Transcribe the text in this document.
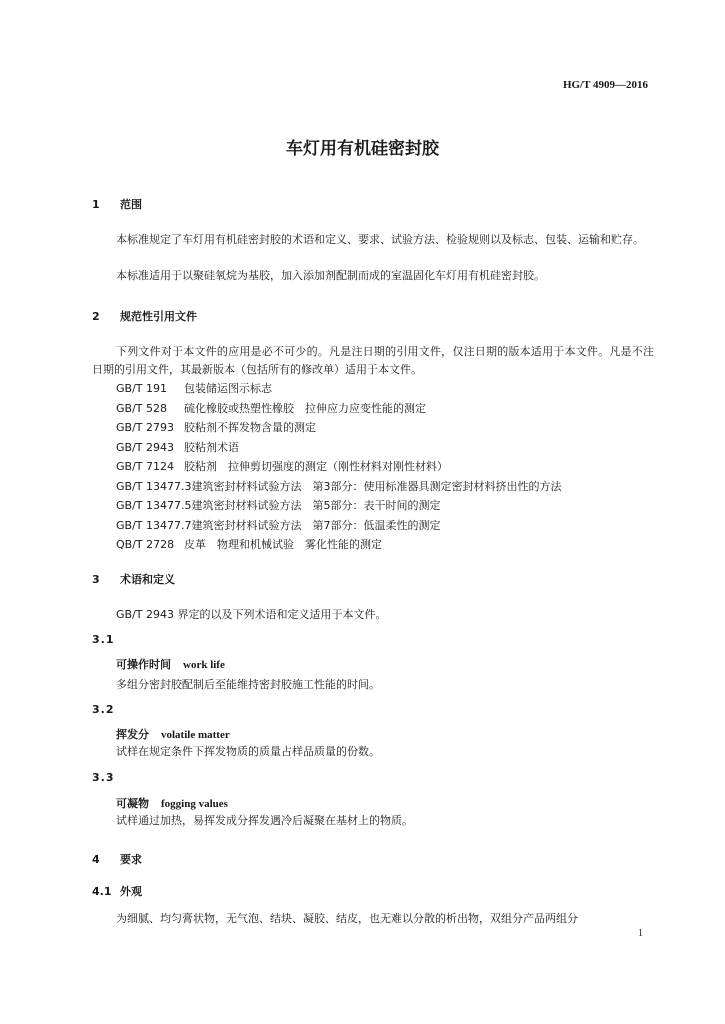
HG/T 4909—2016
车灯用有机硅密封胶
1 范围
本标准规定了车灯用有机硅密封胶的术语和定义、要求、试验方法、检验规则以及标志、包装、运输和贮存。
本标准适用于以聚硅氧烷为基胶，加入添加剂配制而成的室温固化车灯用有机硅密封胶。
2 规范性引用文件
下列文件对于本文件的应用是必不可少的。凡是注日期的引用文件，仅注日期的版本适用于本文件。凡是不注日期的引用文件，其最新版本（包括所有的修改单）适用于本文件。
GB/T 191 包装储运图示标志
GB/T 528 硫化橡胶或热塑性橡胶　拉伸应力应变性能的测定
GB/T 2793 胶粘剂不挥发物含量的测定
GB/T 2943 胶粘剂术语
GB/T 7124 胶粘剂　拉伸剪切强度的测定（刚性材料对刚性材料）
GB/T 13477.3建筑密封材料试验方法　第3部分：使用标准器具测定密封材料挤出性的方法
GB/T 13477.5建筑密封材料试验方法　第5部分：表干时间的测定
GB/T 13477.7建筑密封材料试验方法　第7部分：低温柔性的测定
QB/T 2728 皮革　物理和机械试验　雾化性能的测定
3 术语和定义
GB/T 2943 界定的以及下列术语和定义适用于本文件。
3.1
可操作时间 work life
多组分密封胶配制后至能维持密封胶施工性能的时间。
3.2
挥发分 volatile matter
试样在规定条件下挥发物质的质量占样品质量的份数。
3.3
可凝物 fogging values
试样通过加热，易挥发成分挥发遇冷后凝聚在基材上的物质。
4 要求
4.1 外观
为细腻、均匀膏状物，无气泡、结块、凝胶、结皮，也无难以分散的析出物，双组分产品两组分
1
